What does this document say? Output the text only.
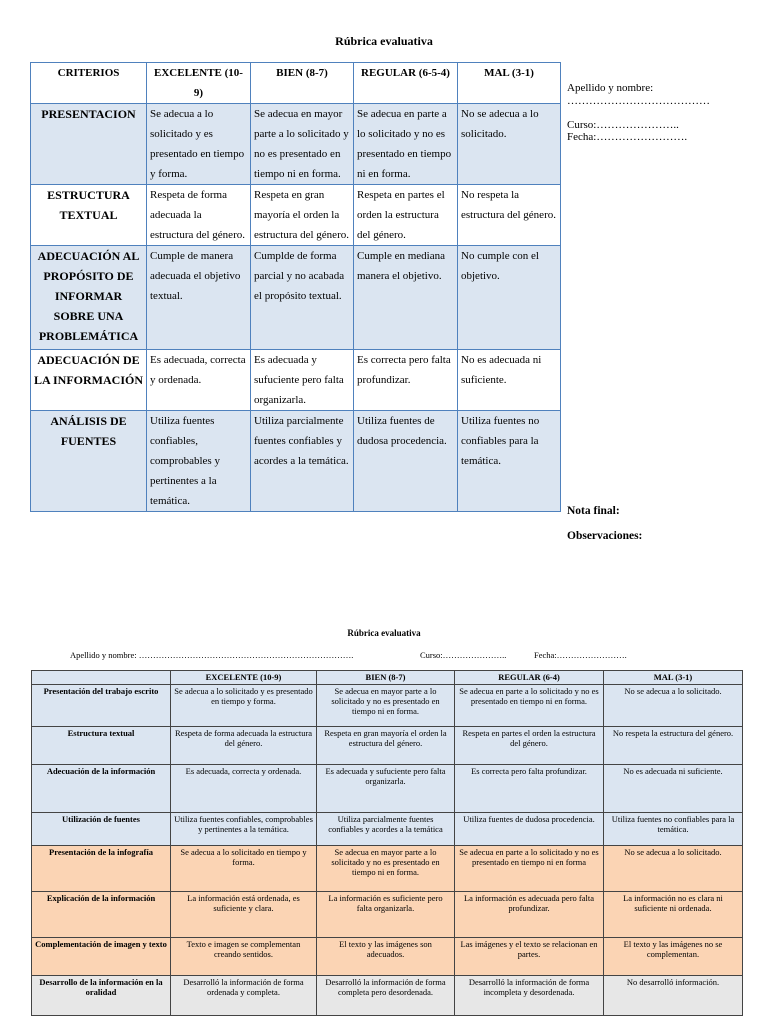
Rúbrica evaluativa
CRITERIOS	EXCELENTE (10-9)	BIEN (8-7)	REGULAR (6-5-4)	MAL (3-1)
PRESENTACION	Se adecua a lo solicitado y es presentado en tiempo y forma.	Se adecua en mayor parte a lo solicitado y no es presentado en tiempo ni en forma.	Se adecua en parte a lo solicitado y no es presentado en tiempo ni en forma.	No se adecua a lo solicitado.
ESTRUCTURA TEXTUAL	Respeta de forma adecuada la estructura del género.	Respeta en gran mayoría el orden la estructura del género.	Respeta en partes el orden la estructura del género.	No respeta la estructura del género.
ADECUACIÓN AL PROPÓSITO DE INFORMAR SOBRE UNA PROBLEMÁTICA	Cumple de manera adecuada el objetivo textual.	Cumplde de forma parcial y no acabada el propósito textual.	Cumple en mediana manera el objetivo.	No cumple con el objetivo.
ADECUACIÓN DE LA INFORMACIÓN	Es adecuada, correcta y ordenada.	Es adecuada y sufuciente pero falta organizarla.	Es correcta pero falta profundizar.	No es adecuada ni suficiente.
ANÁLISIS DE FUENTES	Utiliza fuentes confiables, comprobables y pertinentes a la temática.	Utiliza parcialmente fuentes confiables y acordes a la temática.	Utiliza fuentes de dudosa procedencia.	Utiliza fuentes no confiables para la temática.
Apellido y nombre:
…………………………………
Curso:…………………..
Fecha:…………………….
Nota final:
Observaciones:
Rúbrica evaluativa
Apellido y nombre: ………………………………………………………………….	Curso:…………………..	Fecha:…………………….
	EXCELENTE (10-9)	BIEN (8-7)	REGULAR (6-4)	MAL (3-1)
Presentación del trabajo escrito	Se adecua a lo solicitado y es presentado en tiempo y forma.	Se adecua en mayor parte a lo solicitado y no es presentado en tiempo ni en forma.	Se adecua en parte a lo solicitado y no es presentado en tiempo ni en forma.	No se adecua a lo solicitado.
Estructura textual	Respeta de forma adecuada la estructura del género.	Respeta en gran mayoría el orden la estructura del género.	Respeta en partes el orden la estructura del género.	No respeta la estructura del género.
Adecuación de la información	Es adecuada, correcta y ordenada.	Es adecuada y sufuciente pero falta organizarla.	Es correcta pero falta profundizar.	No es adecuada ni suficiente.
Utilización de fuentes	Utiliza fuentes confiables, comprobables y pertinentes a la temática.	Utiliza parcialmente fuentes confiables y acordes a la temática	Utiliza fuentes de dudosa procedencia.	Utiliza fuentes no confiables para la temática.
Presentación de la infografía	Se adecua a lo solicitado en tiempo y forma.	Se adecua en mayor parte a lo solicitado y no es presentado en tiempo ni en forma.	Se adecua en parte a lo solicitado y no es presentado en tiempo ni en forma	No se adecua a lo solicitado.
Explicación de la información	La información está ordenada, es suficiente y clara.	La información es suficiente pero falta organizarla.	La información es adecuada pero falta profundizar.	La información no es clara ni suficiente ni ordenada.
Complementación de imagen y texto	Texto e imagen se complementan creando sentidos.	El texto y las imágenes son adecuados.	Las imágenes y el texto se relacionan en partes.	El texto y las imágenes no se complementan.
Desarrollo de la información en la oralidad	Desarrolló la información de forma ordenada y completa.	Desarrolló la información de forma completa pero desordenada.	Desarrolló la información de forma incompleta y desordenada.	No desarrolló información.
